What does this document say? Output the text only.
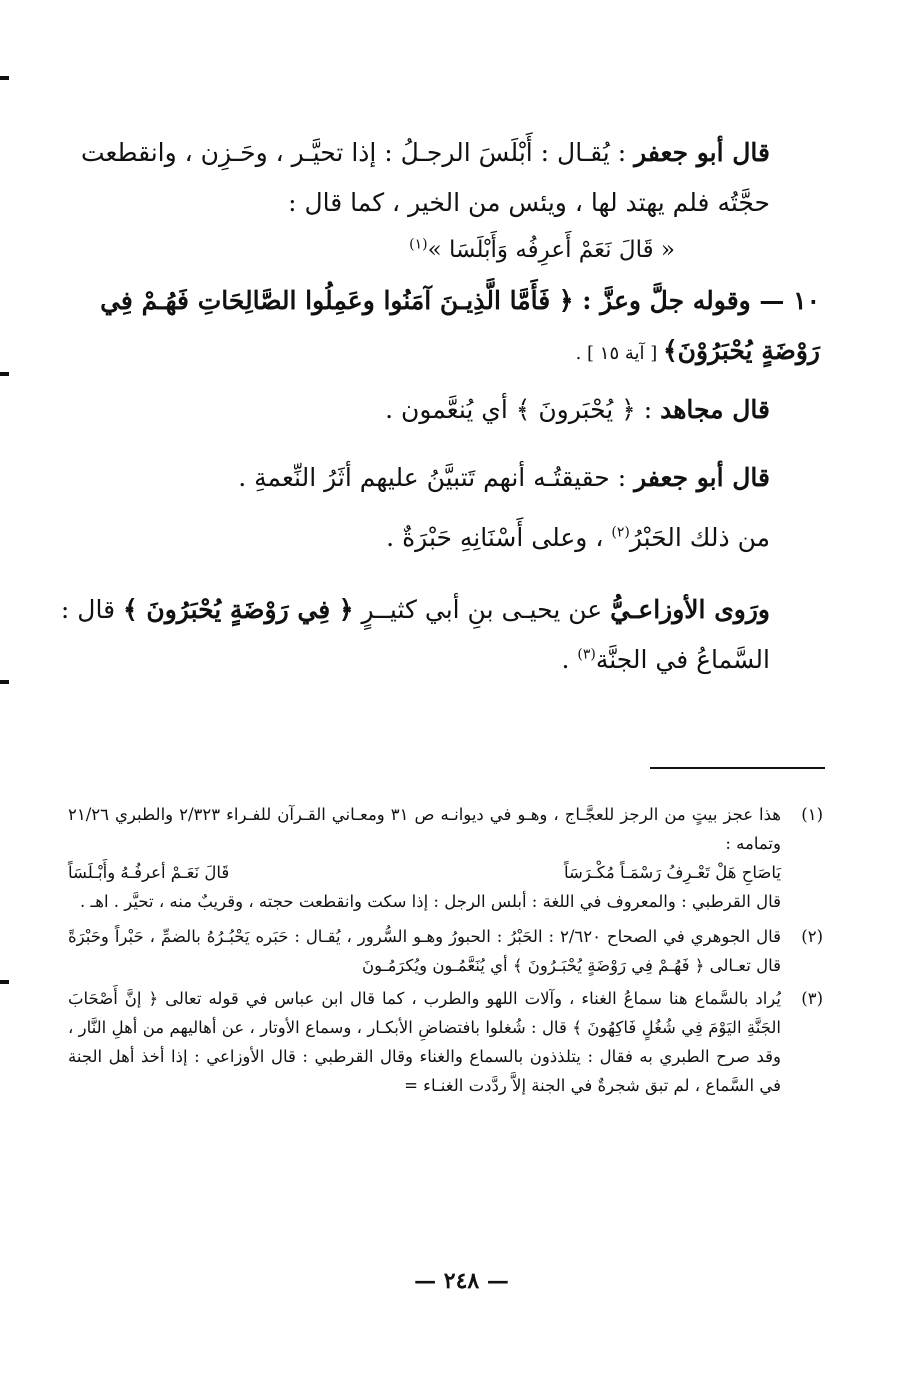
قال أبو جعفر : يُقـال : أَبْلَسَ الرجـلُ : إذا تحيَّـر ، وحَـزِن ، وانقطعت حجَّتُه فلم يهتد لها ، ويئس من الخير ، كما قال :

« قَالَ نَعَمْ أَعرِفُه وَأَبْلَسَا »$^{(١)}$

١٠ — وقوله جلَّ وعزَّ : ﴿ فَأَمَّا الَّذِيـنَ آمَنُوا وعَمِلُوا الصَّالِحَاتِ فَهُـمْ فِي رَوْضَةٍ يُحْبَرُوْنَ﴾ [ آية ١٥ ] .

قال مجاهد : ﴿ يُحْبَرونَ ﴾ أي يُنعَّمون .

قال أبو جعفر : حقيقتُـه أنهم تَتبيَّنُ عليهم أثَرُ النِّعمةِ .

من ذلك الحَبْرُ$^{(٢)}$ ، وعلى أَسْنَانِهِ حَبْرَةٌ .

ورَوى الأوزاعـيُّ عن يحيـى بنِ أبي كثيــرٍ ﴿ فِي رَوْضَةٍ يُحْبَرُونَ ﴾ قال : السَّماعُ في الجنَّة$^{(٣)}$ .

(١)
هذا عجز بيتٍ من الرجز للعجَّـاج ، وهـو في ديوانـه ص ٣١ ومعـاني القـرآن للفـراء ٢/٣٢٣ والطبري ٢١/٢٦ وتمامه :
يَاصَاحِ هَلْ تَعْـرِفُ رَسْمَـاً مُكْـرَسَاً
قَالَ نَعَـمْ أعرفُـهُ وأَبْـلَسَاً
قال القرطبي : والمعروف في اللغة : أبلس الرجل : إذا سكت وانقطعت حجته ، وقريبٌ منه ، تحيَّر . اهـ .
(٢)
قال الجوهري في الصحاح ٢/٦٢٠ : الحَبْرُ : الحبورُ وهـو السُّرور ، يُقـال : حَبَره يَحْبُـرُهُ بالضمِّ ، حَبْراً وحَبْرَةً قال تعـالى ﴿ فَهُـمْ فِي رَوْضَةٍ يُحْبَـرُونَ ﴾ أي يُنَعَّمُـون ويُكرَمُـونَ
(٣)
يُراد بالسَّماع هنا سماعُ الغناء ، وآلات اللهو والطرب ، كما قال ابن عباس في قوله تعالى ﴿ إنَّ أَصْحَابَ الجَنَّةِ اليَوْمَ فِي شُغُلٍ فَاكِهُونَ ﴾ قال : شُغلوا بافتضاضِ الأبكـار ، وسماع الأوتار ، عن أهاليهم من أهلِ النَّار ، وقد صرح الطبري به فقال : يتلذذون بالسماع والغناء وقال القرطبي : قال الأوزاعي : إذا أخذ أهل الجنة في السَّماع ، لم تبق شجرةٌ في الجنة إلاَّ ردَّدت الغنـاء =
— ٢٤٨ —
